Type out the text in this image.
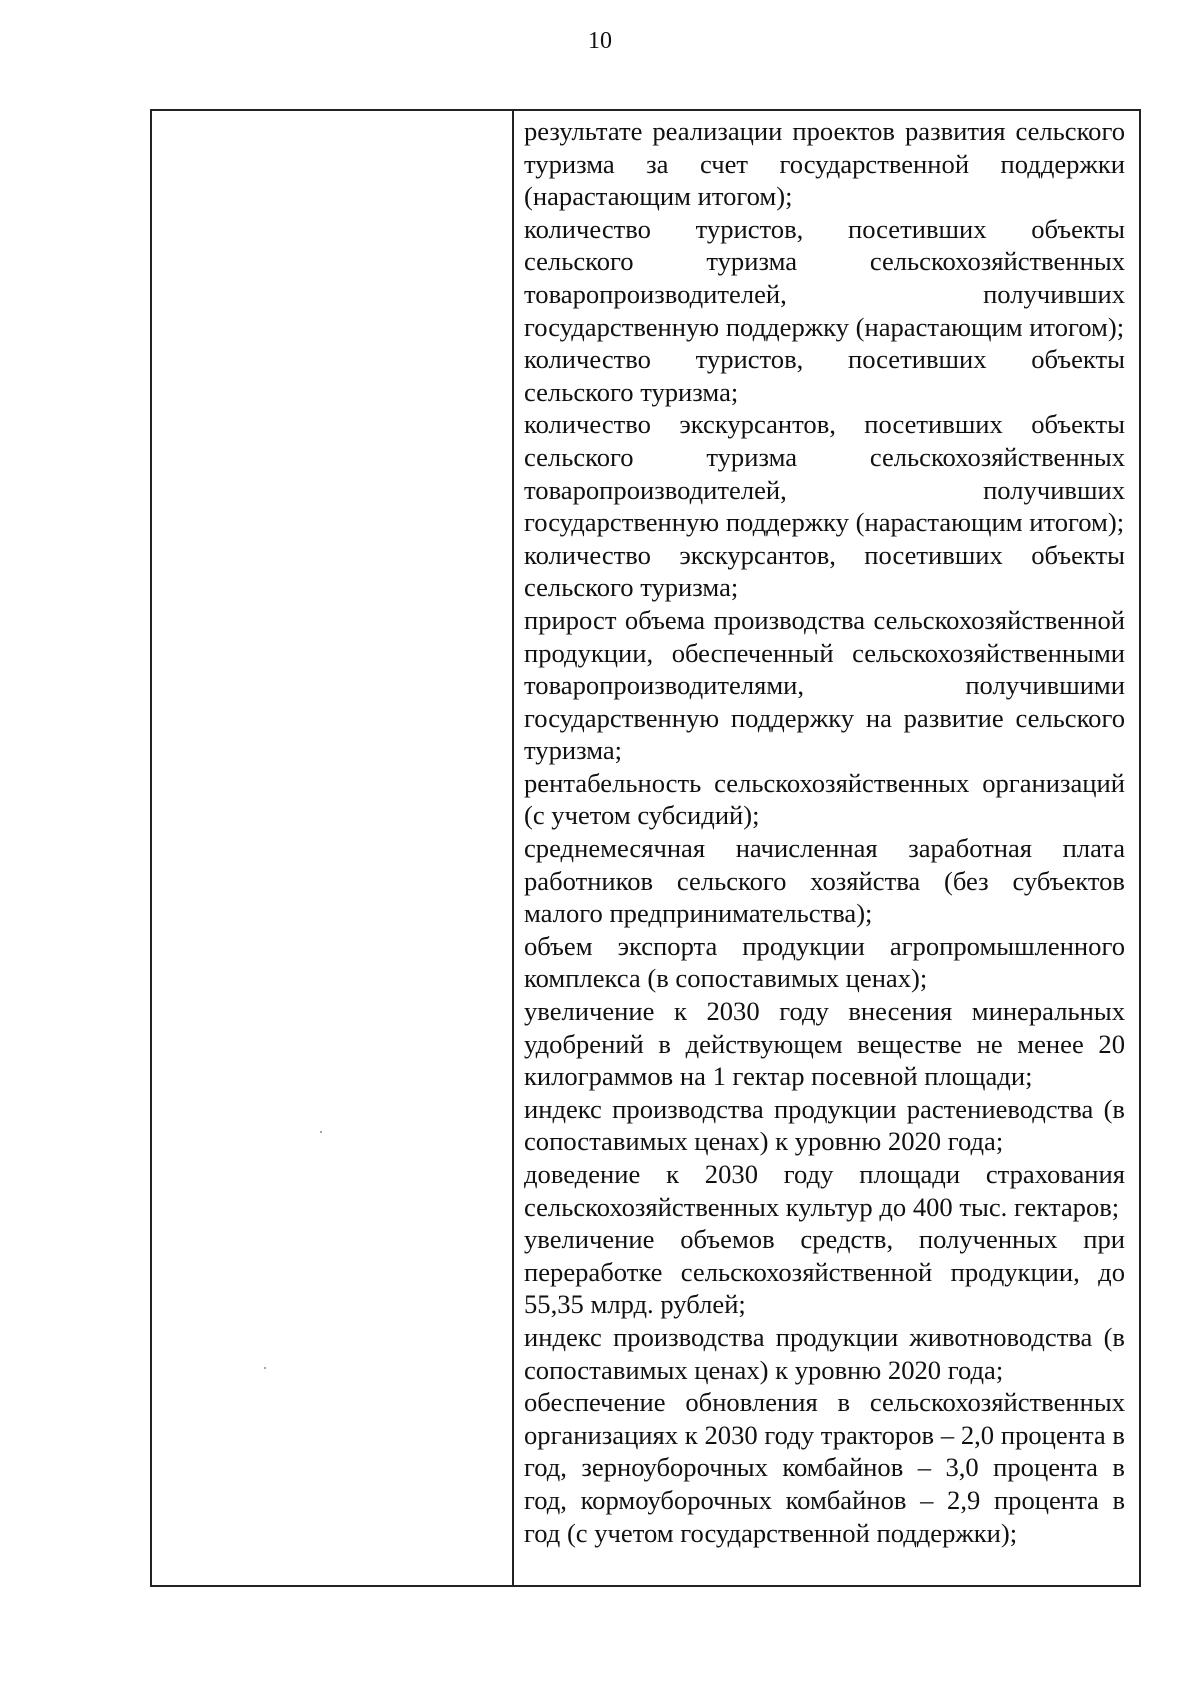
10

результате реализации проектов развития сельского туризма за счет государственной поддержки (нарастающим итогом);

количество туристов, посетивших объекты сельского туризма сельскохозяйственных товаропроизводителей, получивших государственную поддержку (нарастающим итогом);

количество туристов, посетивших объекты сельского туризма;

количество экскурсантов, посетивших объекты сельского туризма сельскохозяйственных товаропроизводителей, получивших государственную поддержку (нарастающим итогом);

количество экскурсантов, посетивших объекты сельского туризма;

прирост объема производства сельскохозяйственной продукции, обеспеченный сельскохозяйственными товаропроизводителями, получившими государственную поддержку на развитие сельского туризма;

рентабельность сельскохозяйственных организаций (с учетом субсидий);

среднемесячная начисленная заработная плата работников сельского хозяйства (без субъектов малого предпринимательства);

объем экспорта продукции агропромышленного комплекса (в сопоставимых ценах);

увеличение к 2030 году внесения минеральных удобрений в действующем веществе не менее 20 килограммов на 1 гектар посевной площади;

индекс производства продукции растениеводства (в сопоставимых ценах) к уровню 2020 года;

доведение к 2030 году площади страхования сельскохозяйственных культур до 400 тыс. гектаров;

увеличение объемов средств, полученных при переработке сельскохозяйственной продукции, до 55,35 млрд. рублей;

индекс производства продукции животноводства (в сопоставимых ценах) к уровню 2020 года;

обеспечение обновления в сельскохозяйственных организациях к 2030 году тракторов – 2,0 процента в год, зерноуборочных комбайнов – 3,0 процента в год, кормоуборочных комбайнов – 2,9 процента в год (с учетом государственной поддержки);
